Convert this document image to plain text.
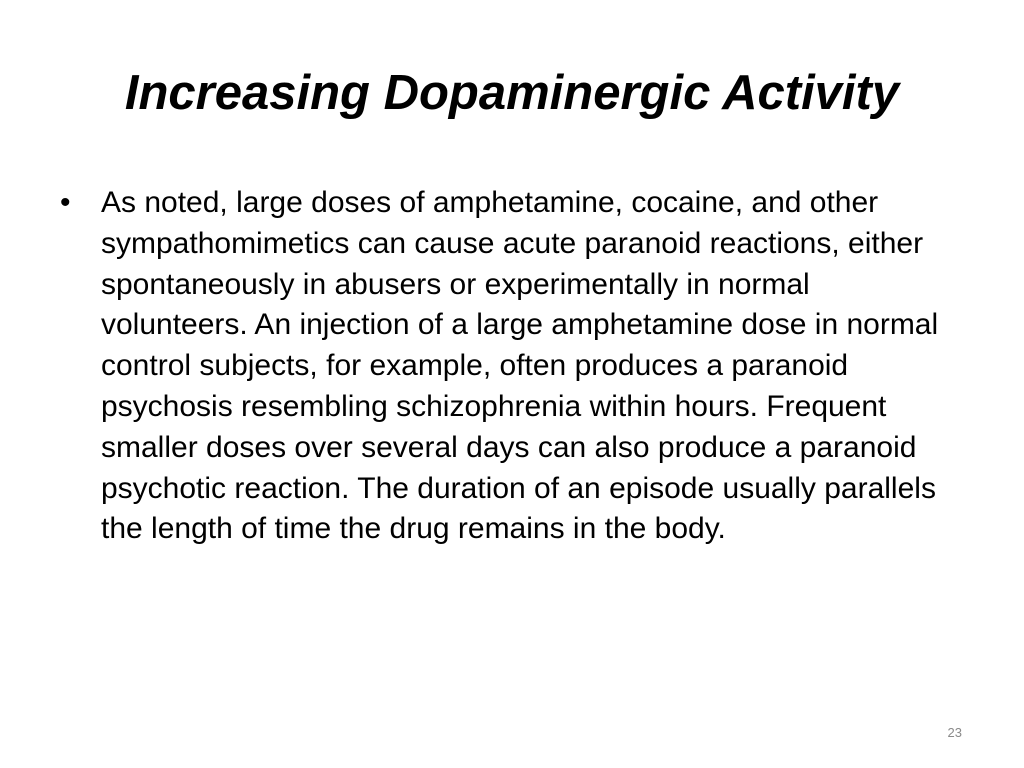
Increasing Dopaminergic Activity
•	As noted, large doses of amphetamine, cocaine, and other sympathomimetics can cause acute paranoid reactions, either spontaneously in abusers or experimentally in normal volunteers. An injection of a large amphetamine dose in normal control subjects, for example, often produces a paranoid psychosis resembling schizophrenia within hours. Frequent smaller doses over several days can also produce a paranoid psychotic reaction. The duration of an episode usually parallels the length of time the drug remains in the body.

23
